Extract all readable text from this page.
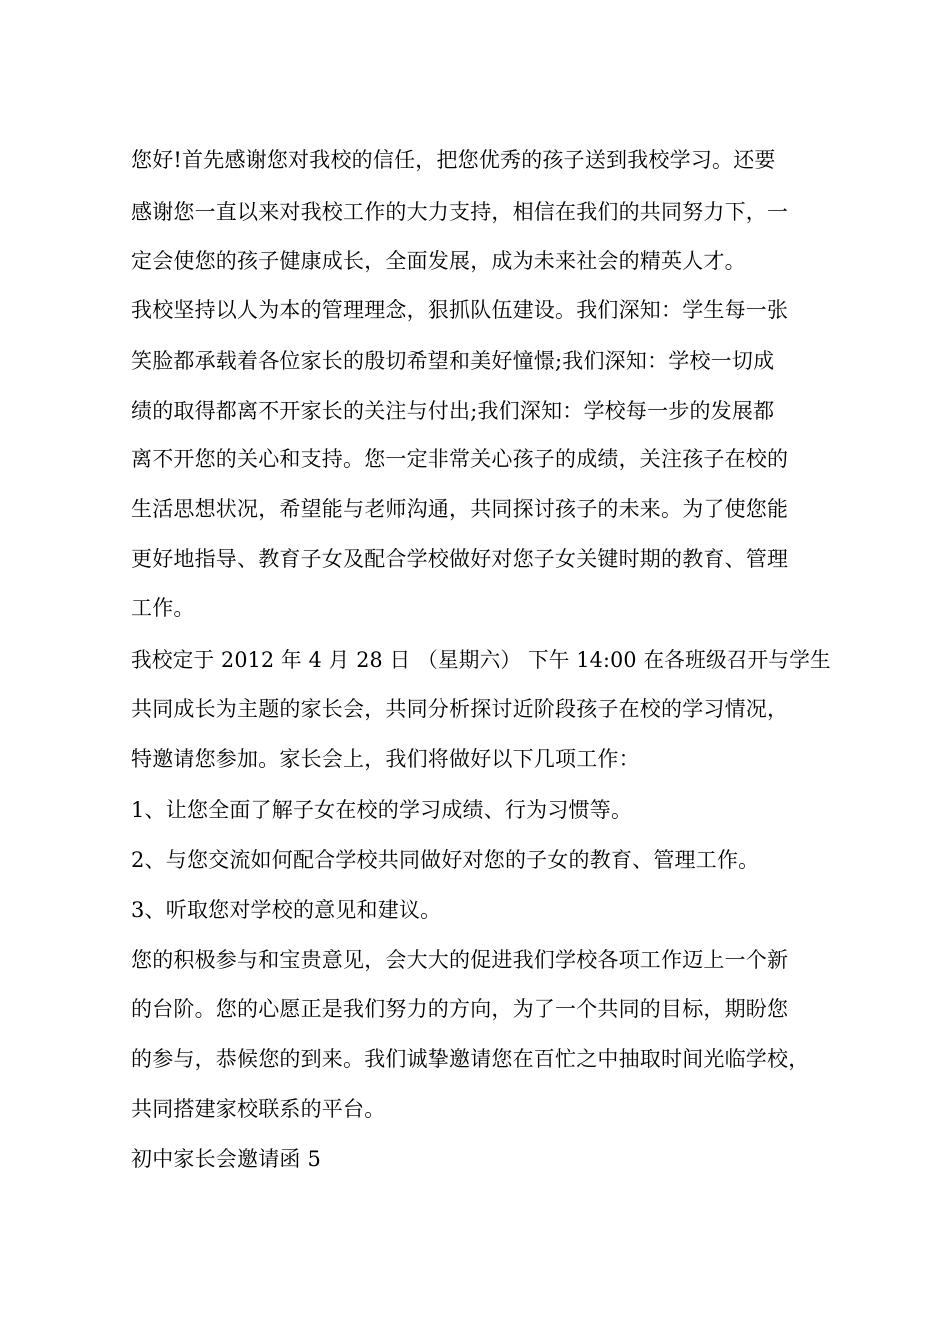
您好!首先感谢您对我校的信任，把您优秀的孩子送到我校学习。还要
感谢您一直以来对我校工作的大力支持，相信在我们的共同努力下，一
定会使您的孩子健康成长，全面发展，成为未来社会的精英人才。
我校坚持以人为本的管理理念，狠抓队伍建设。我们深知：学生每一张
笑脸都承载着各位家长的殷切希望和美好憧憬;我们深知：学校一切成
绩的取得都离不开家长的关注与付出;我们深知：学校每一步的发展都
离不开您的关心和支持。您一定非常关心孩子的成绩，关注孩子在校的
生活思想状况，希望能与老师沟通，共同探讨孩子的未来。为了使您能
更好地指导、教育子女及配合学校做好对您子女关键时期的教育、管理
工作。
我校定于 2012 年 4 月 28 日 （星期六） 下午 14:00 在各班级召开与学生
共同成长为主题的家长会，共同分析探讨近阶段孩子在校的学习情况，
特邀请您参加。家长会上，我们将做好以下几项工作：
1、让您全面了解子女在校的学习成绩、行为习惯等。
2、与您交流如何配合学校共同做好对您的子女的教育、管理工作。
3、听取您对学校的意见和建议。
您的积极参与和宝贵意见，会大大的促进我们学校各项工作迈上一个新
的台阶。您的心愿正是我们努力的方向，为了一个共同的目标，期盼您
的参与，恭候您的到来。我们诚挚邀请您在百忙之中抽取时间光临学校，
共同搭建家校联系的平台。
初中家长会邀请函 5
